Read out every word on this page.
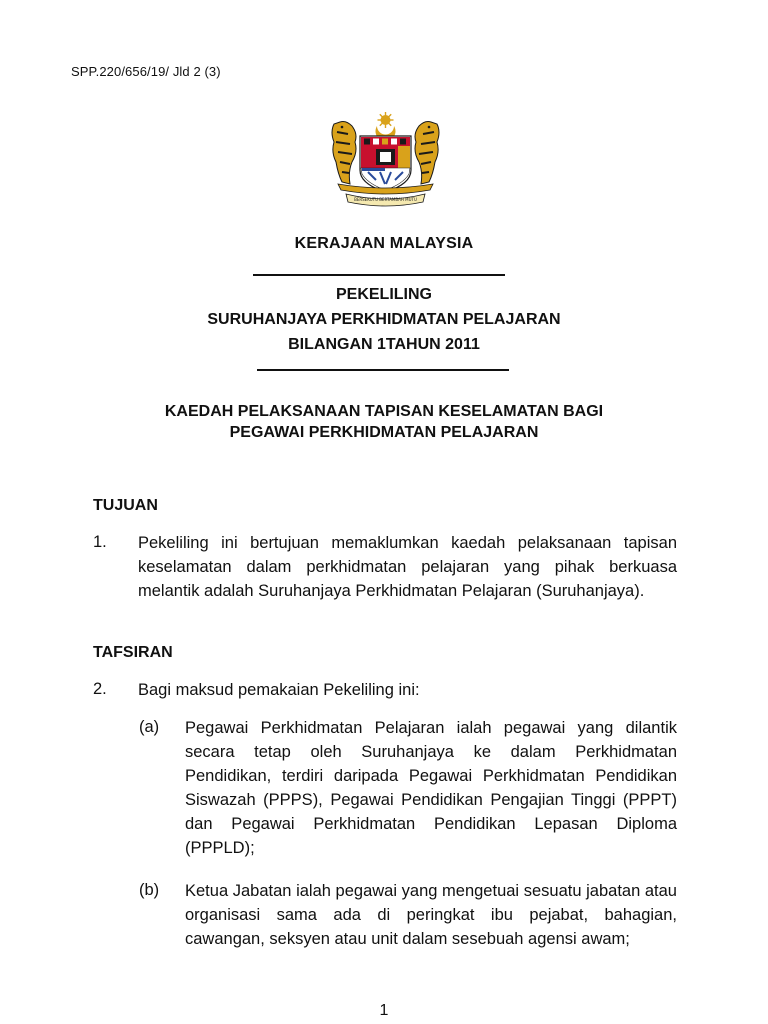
SPP.220/656/19/ Jld 2 (3)
BERSEKUTU BERTAMBAH MUTU
KERAJAAN MALAYSIA
PEKELILING
SURUHANJAYA PERKHIDMATAN PELAJARAN
BILANGAN 1TAHUN 2011
KAEDAH PELAKSANAAN TAPISAN KESELAMATAN BAGI
PEGAWAI PERKHIDMATAN PELAJARAN
TUJUAN
1. Pekeliling ini bertujuan memaklumkan kaedah pelaksanaan tapisan keselamatan dalam perkhidmatan pelajaran yang pihak berkuasa melantik adalah Suruhanjaya Perkhidmatan Pelajaran (Suruhanjaya).
TAFSIRAN
2. Bagi maksud pemakaian Pekeliling ini:
(a) Pegawai Perkhidmatan Pelajaran ialah pegawai yang dilantik secara tetap oleh Suruhanjaya ke dalam Perkhidmatan Pendidikan, terdiri daripada Pegawai Perkhidmatan Pendidikan Siswazah (PPPS), Pegawai Pendidikan Pengajian Tinggi (PPPT) dan Pegawai Perkhidmatan Pendidikan Lepasan Diploma (PPPLD);
(b) Ketua Jabatan ialah pegawai yang mengetuai sesuatu jabatan atau organisasi sama ada di peringkat ibu pejabat, bahagian, cawangan, seksyen atau unit dalam sesebuah agensi awam;
1
